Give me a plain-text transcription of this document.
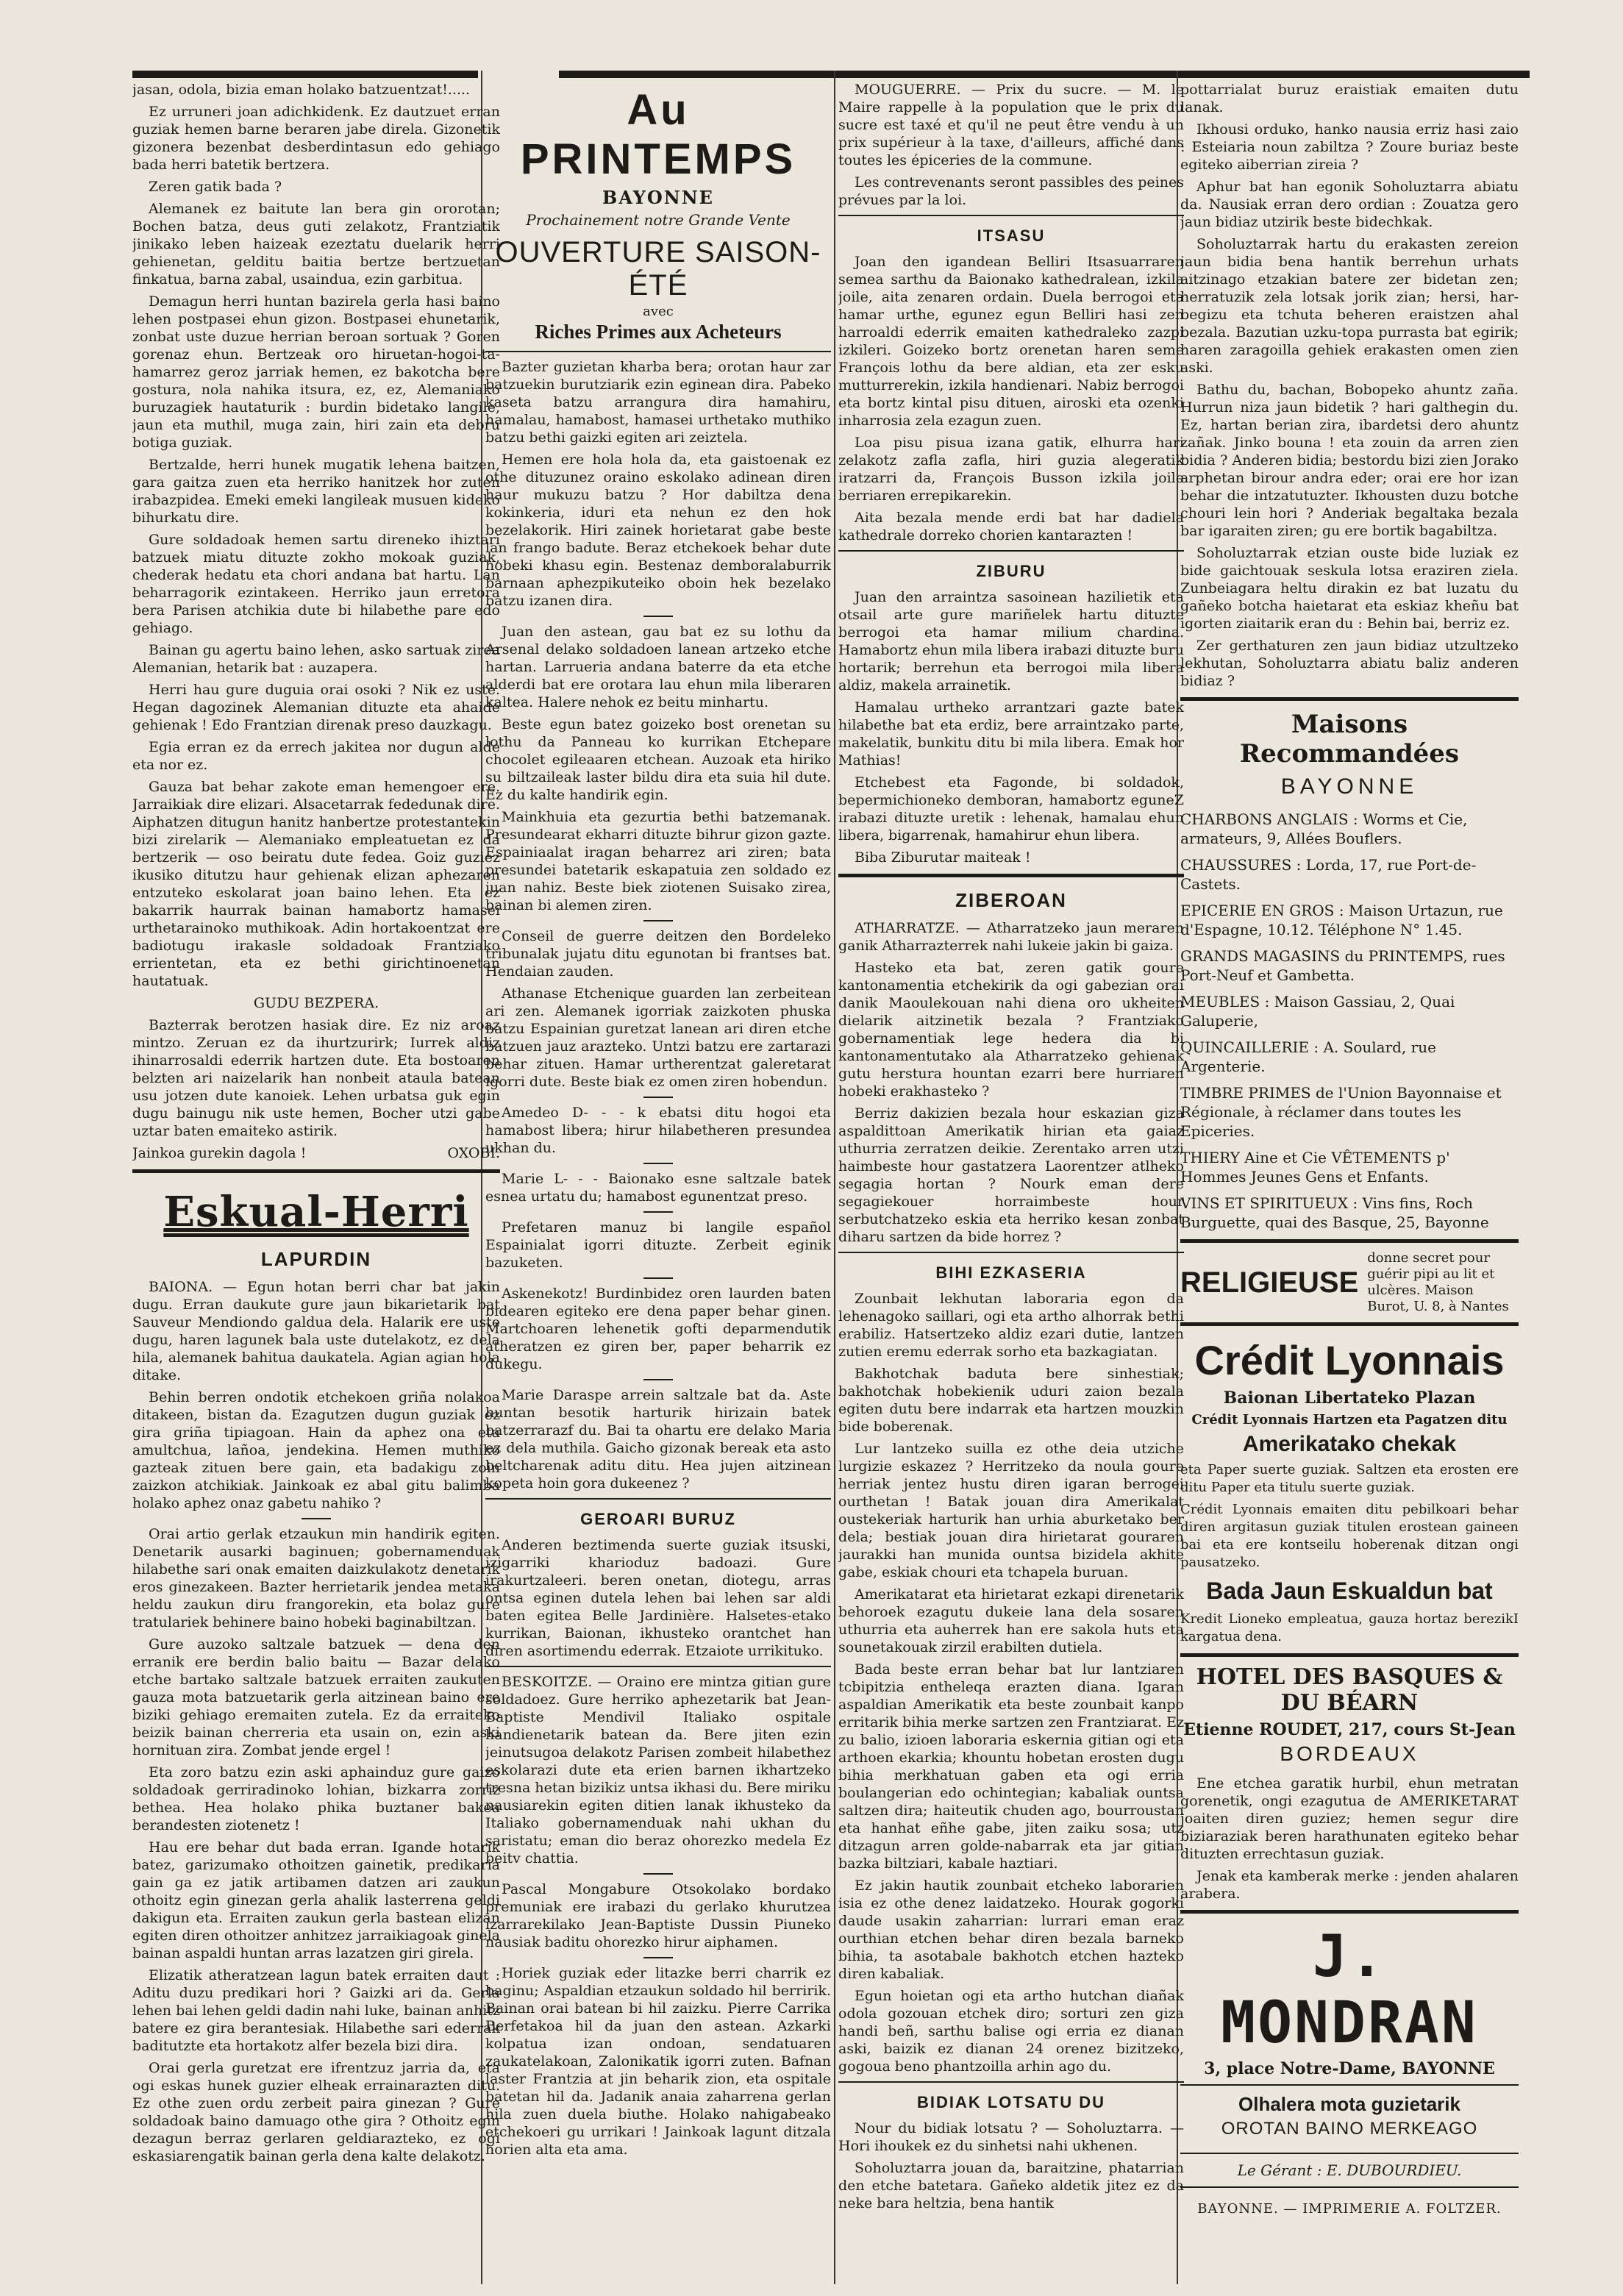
jasan, odola, bizia eman holako batzuentzat!.....

Ez urruneri joan adichkidenk. Ez dautzuet erran guziak hemen barne beraren jabe direla. Gizonetik gizonera bezenbat desberdintasun edo gehiago bada herri batetik bertzera.

Zeren gatik bada ?

Alemanek ez baitute lan bera gin ororotan; Bochen batza, deus guti zelakotz, Frantziatik jinikako leben haizeak ezeztatu duelarik herri gehienetan, gelditu baitia bertze bertzuetan finkatua, barna zabal, usaindua, ezin garbitua.

Demagun herri huntan bazirela gerla hasi baino lehen postpasei ehun gizon. Bostpasei ehunetarik, zonbat uste duzue herrian beroan sortuak ? Goren gorenaz ehun. Bertzeak oro hiruetan-hogoi-ta-hamarrez geroz jarriak hemen, ez bakotcha bere gostura, nola nahika itsura, ez, ez, Alemaniako buruzagiek hautaturik : burdin bidetako langile, jaun eta muthil, muga zain, hiri zain eta debru botiga guziak.

Bertzalde, herri hunek mugatik lehena baitzen, gara gaitza zuen eta herriko hanitzek hor zuten irabazpidea. Emeki emeki langileak musuen kideko bihurkatu dire.

Gure soldadoak hemen sartu direneko ihiztari batzuek miatu dituzte zokho mokoak guziak, chederak hedatu eta chori andana bat hartu. Lan beharragorik ezintakeen. Herriko jaun erretora bera Parisen atchikia dute bi hilabethe pare edo gehiago.

Bainan gu agertu baino lehen, asko sartuak zirea Alemanian, hetarik bat : auzapera.

Herri hau gure duguia orai osoki ? Nik ez uste. Hegan dagozinek Alemanian dituzte eta ahaide gehienak ! Edo Frantzian direnak preso dauzkagu.

Egia erran ez da errech jakitea nor dugun alde eta nor ez.

Gauza bat behar zakote eman hemengoer ere. Jarraikiak dire elizari. Alsacetarrak fededunak dire. Aiphatzen ditugun hanitz hanbertze protestantekin bizi zirelarik — Alemaniako empleatuetan ez da bertzerik — oso beiratu dute fedea. Goiz guziez ikusiko ditutzu haur gehienak elizan aphezaren entzuteko eskolarat joan baino lehen. Eta ez bakarrik haurrak bainan hamabortz hamasei urthetarainoko muthikoak. Adin hortakoentzat ere badiotugu irakasle soldadoak Frantziako errientetan, eta ez bethi girichtinoenetan hautatuak.

GUDU BEZPERA.

Bazterrak berotzen hasiak dire. Ez niz aroaz mintzo. Zeruan ez da ihurtzurirk; Iurrek aldiz ihinarrosaldi ederrik hartzen dute. Eta bostoaren belzten ari naizelarik han nonbeit ataula batean usu jotzen dute kanoiek. Lehen urbatsa guk egin dugu bainugu nik uste hemen, Bocher utzi gabe uztar baten emaiteko astirik.

Jainkoa gurekin dagola !	OXOBI.
Eskual-Herri
LAPURDIN

BAIONA. — Egun hotan berri char bat jakin dugu. Erran daukute gure jaun bikarietarik bat Sauveur Mendiondo galdua dela. Halarik ere uste dugu, haren lagunek bala uste dutelakotz, ez dela hila, alemanek bahitua daukatela. Agian agian hola ditake.

Behin berren ondotik etchekoen griña nolakoa ditakeen, bistan da. Ezagutzen dugun guziak ez gira griña tipiagoan. Hain da aphez ona eta amultchua, lañoa, jendekina. Hemen muthiko gazteak zituen bere gain, eta badakigu zoin zaizkon atchikiak. Jainkoak ez abal gitu balimba holako aphez onaz gabetu nahiko ?

Orai artio gerlak etzaukun min handirik egiten. Denetarik ausarki baginuen; gobernamenduak hilabethe sari onak emaiten daizkulakotz denetarik eros ginezakeen. Bazter herrietarik jendea metaka heldu zaukun diru frangorekin, eta bolaz gure tratulariek behinere baino hobeki baginabiltzan.

Gure auzoko saltzale batzuek — dena den erranik ere berdin balio baitu — Bazar delako etche bartako saltzale batzuek erraiten zaukuten gauza mota batzuetarik gerla aitzinean baino ere biziki gehiago eremaiten zutela. Ez da erraiteko beizik bainan cherreria eta usain on, ezin aski hornituan zira. Zombat jende ergel !

Eta zoro batzu ezin aski aphainduz gure gaizo soldadoak gerriradinoko lohian, bizkarra zorriz bethea. Hea holako phika buztaner bakea berandesten ziotenetz !

Hau ere behar dut bada erran. Igande hotarik batez, garizumako othoitzen gainetik, predikaria gain ga ez jatik artibamen datzen ari zaukun othoitz egin ginezan gerla ahalik lasterrena geldi dakigun eta. Erraiten zaukun gerla bastean elizan egiten diren othoitzer anhitzez jarraikiagoak ginela bainan aspaldi huntan arras lazatzen giri girela.

Elizatik atheratzean lagun batek erraiten daut : Aditu duzu predikari hori ? Gaizki ari da. Gerla lehen bai lehen geldi dadin nahi luke, bainan anhitz batere ez gira berantesiak. Hilabethe sari ederrak baditutzte eta hortakotz alfer bezela bizi dira.

Orai gerla guretzat ere ifrentzuz jarria da, eta ogi eskas hunek guzier elheak errainarazten ditu. Ez othe zuen ordu zerbeit paira ginezan ? Gure soldadoak baino damuago othe gira ? Othoitz egin dezagun berraz gerlaren geldiarazteko, ez ogi eskasiarengatik bainan gerla dena kalte delakotz.

Au PRINTEMPS
BAYONNE
Prochainement notre Grande Vente
OUVERTURE SAISON-ÉTÉ
avec
Riches Primes aux Acheteurs

Bazter guzietan kharba bera; orotan haur zar batzuekin burutziarik ezin eginean dira. Pabeko kaseta batzu arrangura dira hamahiru, hamalau, hamabost, hamasei urthetako muthiko batzu bethi gaizki egiten ari zeiztela.

Hemen ere hola hola da, eta gaistoenak ez othe dituzunez oraino eskolako adinean diren haur mukuzu batzu ? Hor dabiltza dena kokinkeria, iduri eta nehun ez den hok bezelakorik. Hiri zainek horietarat gabe beste lan frango badute. Beraz etchekoek behar dute hobeki khasu egin. Bestenaz demboralaburrik barnaan aphezpikuteiko oboin hek bezelako batzu izanen dira.

Juan den astean, gau bat ez su lothu da Arsenal delako soldadoen lanean artzeko etche hartan. Larrueria andana baterre da eta etche alderdi bat ere orotara lau ehun mila liberaren kaltea. Halere nehok ez beitu minhartu.

Beste egun batez goizeko bost orenetan su lothu da Panneau ko kurrikan Etchepare chocolet egileaaren etchean. Auzoak eta hiriko su biltzaileak laster bildu dira eta suia hil dute. Ez du kalte handirik egin.

Mainkhuia eta gezurtia bethi batzemanak. Presundearat ekharri dituzte bihrur gizon gazte. Espainiaalat iragan beharrez ari ziren; bata presundei batetarik eskapatuia zen soldado ez juan nahiz. Beste biek ziotenen Suisako zirea, bainan bi alemen ziren.

Conseil de guerre deitzen den Bordeleko tribunalak jujatu ditu egunotan bi frantses bat. Hendaian zauden.

Athanase Etchenique guarden lan zerbeitean ari zen. Alemanek igorriak zaizkoten phuska batzu Espainian guretzat lanean ari diren etche batzuen jauz arazteko. Untzi batzu ere zartarazi behar zituen. Hamar urtherentzat galeretarat igorri dute. Beste biak ez omen ziren hobendun.

Amedeo D- - - k ebatsi ditu hogoi eta hamabost libera; hirur hilabetheren presundea ukhan du.

Marie L- - - Baionako esne saltzale batek esnea urtatu du; hamabost egunentzat preso.

Prefetaren manuz bi langile español Espainialat igorri dituzte. Zerbeit eginik bazuketen.

Askenekotz! Burdinbidez oren laurden baten bidearen egiteko ere dena paper behar ginen. Martchoaren lehenetik gofti deparmendutik atheratzen ez giren ber, paper beharrik ez dukegu.

Marie Daraspe arrein saltzale bat da. Aste huntan besotik harturik hirizain batek batzerrarazf du. Bai ta ohartu ere delako Maria ez dela muthila. Gaicho gizonak bereak eta asto beltcharenak aditu ditu. Hea jujen aitzinean kopeta hoin gora dukeenez ?

GEROARI BURUZ

Anderen beztimenda suerte guziak itsuski, izigarriki kharioduz badoazi. Gure irakurtzaleeri. beren onetan, diotegu, arras ontsa eginen dutela lehen bai lehen sar aldi baten egitea Belle Jardinière. Halsetes-etako kurrikan, Baionan, ikhusteko orantchet han diren asortimendu ederrak. Etzaiote urrikituko.

BESKOITZE. — Oraino ere mintza gitian gure soldadoez. Gure herriko aphezetarik bat Jean-Baptiste Mendivil Italiako ospitale handienetarik batean da. Bere jiten ezin jeinutsugoa delakotz Parisen zombeit hilabethez eskolarazi dute eta erien barnen ikhartzeko tresna hetan bizikiz untsa ikhasi du. Bere miriku nausiarekin egiten ditien lanak ikhusteko da Italiako gobernamenduak nahi ukhan du saristatu; eman dio beraz ohorezko medela Ez beitv chattia.

Pascal Mongabure Otsokolako bordako premuniak ere irabazi du gerlako khurutzea izarrarekilako Jean-Baptiste Dussin Piuneko nausiak baditu ohorezko hirur aiphamen.

Horiek guziak eder litazke berri charrik ez baginu; Aspaldian etzaukun soldado hil berririk. Bainan orai batean bi hil zaizku. Pierre Carrika Berfetakoa hil da juan den astean. Azkarki kolpatua izan ondoan, sendatuaren zaukatelakoan, Zalonikatik igorri zuten. Bafnan laster Frantzia at jin beharik zion, eta ospitale batetan hil da. Jadanik anaia zaharrena gerlan hila zuen duela biuthe. Holako nahigabeako etchekoeri gu urrikari ! Jainkoak lagunt ditzala horien alta eta ama.

MOUGUERRE. — Prix du sucre. — M. le Maire rappelle à la population que le prix du sucre est taxé et qu'il ne peut être vendu à un prix supérieur à la taxe, d'ailleurs, affiché dans toutes les épiceries de la commune.

Les contrevenants seront passibles des peines prévues par la loi.

ITSASU

Joan den igandean Belliri Itsasuarraren semea sarthu da Baionako kathedralean, izkila joile, aita zenaren ordain. Duela berrogoi eta hamar urthe, egunez egun Belliri hasi zen harroaldi ederrik emaiten kathedraleko zazpi izkileri. Goizeko bortz orenetan haren seme François lothu da bere aldian, eta zer esku mutturrerekin, izkila handienari. Nabiz berrogoi eta bortz kintal pisu dituen, airoski eta ozenki inharrosia zela ezagun zuen.

Loa pisu pisua izana gatik, elhurra hari zelakotz zafla zafla, hiri guzia alegeratik iratzarri da, François Busson izkila joile berriaren errepikarekin.

Aita bezala mende erdi bat har dadiela kathedrale dorreko chorien kantarazten !

ZIBURU

Juan den arraintza sasoinean hazilietik eta otsail arte gure mariñelek hartu dituzte berrogoi eta hamar milium chardina. Hamabortz ehun mila libera irabazi dituzte buru hortarik; berrehun eta berrogoi mila libera aldiz, makela arrainetik.

Hamalau urtheko arrantzari gazte batek hilabethe bat eta erdiz, bere arraintzako parte, makelatik, bunkitu ditu bi mila libera. Emak hor Mathias!

Etchebest eta Fagonde, bi soldadok, bepermichioneko demboran, hamabortz eguneZ irabazi dituzte uretik : lehenak, hamalau ehun libera, bigarrenak, hamahirur ehun libera.

Biba Ziburutar maiteak !

ZIBEROAN

ATHARRATZE. — Atharratzeko jaun meraren ganik Atharrazterrek nahi lukeie jakin bi gaiza.

Hasteko eta bat, zeren gatik goure kantonamentia etchekirik da ogi gabezian orai danik Maoulekouan nahi diena oro ukheiten dielarik aitzinetik bezala ? Frantziako gobernamentiak lege hedera dia bi kantonamentutako ala Atharratzeko gehienak gutu herstura hountan ezarri bere hurriaren hobeki erakhasteko ?

Berriz dakizien bezala hour eskazian giza aspaldittoan Amerikatik hirian eta gaiaz uthurria zerratzen deikie. Zerentako arren utzi haimbeste hour gastatzera Laorentzer atlheko segagia hortan ? Nourk eman dere segagiekouer horraimbeste hour serbutchatzeko eskia eta herriko kesan zonbat diharu sartzen da bide horrez ?

BIHI EZKASERIA

Zounbait lekhutan laboraria egon da lehenagoko saillari, ogi eta artho alhorrak bethi erabiliz. Hatsertzeko aldiz ezari dutie, lantzen zutien eremu ederrak sorho eta bazkagiatan.

Bakhotchak baduta bere sinhestiak; bakhotchak hobekienik uduri zaion bezala egiten dutu bere indarrak eta hartzen mouzkin bide boberenak.

Lur lantzeko suilla ez othe deia utziche lurgizie eskazez ? Herritzeko da noula goure herriak jentez hustu diren igaran berrogei ourthetan ! Batak jouan dira Amerikalat oustekeriak harturik han urhia aburketako ber dela; bestiak jouan dira hirietarat gouraren jaurakki han munida ountsa bizidela akhite gabe, eskiak chouri eta tchapela buruan.

Amerikatarat eta hirietarat ezkapi direnetarik behoroek ezagutu dukeie lana dela sosaren uthurria eta auherrek han ere sakola huts eta sounetakouak zirzil erabilten dutiela.

Bada beste erran behar bat lur lantziaren tcbipitzia entheleqa erazten diana. Igaran aspaldian Amerikatik eta beste zounbait kanpo erritarik bihia merke sartzen zen Frantziarat. Ez zu balio, izioen laboraria eskernia gitian ogi eta arthoen ekarkia; khountu hobetan erosten dugu bihia merkhatuan gaben eta ogi erria boulangerian edo ochintegian; kabaliak ountsa saltzen dira; haiteutik chuden ago, bourroustan eta hanhat eñhe gabe, jiten zaiku sosa; utz ditzagun arren golde-nabarrak eta jar gitian bazka biltziari, kabale haztiari.

Ez jakin hautik zounbait etcheko laborarien isia ez othe denez laidatzeko. Hourak gogorki daude usakin zaharrian: lurrari eman eraz ourthian etchen behar diren bezala barneko bihia, ta asotabale bakhotch etchen hazteko diren kabaliak.

Egun hoietan ogi eta artho hutchan diañak odola gozouan etchek diro; sorturi zen giza handi beñ, sarthu balise ogi erria ez dianan aski, baizik ez dianan 24 orenez bizitzeko, gogoua beno phantzoilla arhin ago du.

BIDIAK LOTSATU DU

Nour du bidiak lotsatu ? — Soholuztarra. — Hori ihoukek ez du sinhetsi nahi ukhenen.

Soholuztarra jouan da, baraitzine, phatarrian den etche batetara. Gañeko aldetik jitez ez da neke bara heltzia, bena hantik

pottarrialat buruz eraistiak emaiten dutu lanak.

Ikhousi orduko, hanko nausia erriz hasi zaio : Esteiaria noun zabiltza ? Zoure buriaz beste egiteko aiberrian zireia ?

Aphur bat han egonik Soholuztarra abiatu da. Nausiak erran dero ordian : Zouatza gero jaun bidiaz utzirik beste bidechkak.

Soholuztarrak hartu du erakasten zereion jaun bidia bena hantik berrehun urhats aitzinago etzakian batere zer bidetan zen; herratuzik zela lotsak jorik zian; hersi, har-begizu eta tchuta beheren eraistzen ahal bezala. Bazutian uzku-topa purrasta bat egirik; haren zaragoilla gehiek erakasten omen zien aski.

Bathu du, bachan, Bobopeko ahuntz zaña. Hurrun niza jaun bidetik ? hari galthegin du. Ez, hartan berian zira, ibardetsi dero ahuntz zañak. Jinko bouna ! eta zouin da arren zien bidia ? Anderen bidia; bestordu bizi zien Jorako arphetan birour andra eder; orai ere hor izan behar die intzatutuzter. Ikhousten duzu botche chouri lein hori ? Anderiak begaltaka bezala bar igaraiten ziren; gu ere bortik bagabiltza.

Soholuztarrak etzian ouste bide luziak ez bide gaichtouak seskula lotsa eraziren ziela. Zunbeiagara heltu dirakin ez bat luzatu du gañeko botcha haietarat eta eskiaz kheñu bat igorten ziaitarik eran du : Behin bai, berriz ez.

Zer gerthaturen zen jaun bidiaz utzultzeko lekhutan, Soholuztarra abiatu baliz anderen bidiaz ?

Maisons Recommandées
BAYONNE
CHARBONS ANGLAIS : Worms et Cie, armateurs, 9, Allées Bouflers.
CHAUSSURES : Lorda, 17, rue Port-de-Castets.
EPICERIE EN GROS : Maison Urtazun, rue d'Espagne, 10.12. Téléphone N° 1.45.
GRANDS MAGASINS du PRINTEMPS, rues Port-Neuf et Gambetta.
MEUBLES : Maison Gassiau, 2, Quai Galuperie,
QUINCAILLERIE : A. Soulard, rue Argenterie.
TIMBRE PRIMES de l'Union Bayonnaise et Régionale, à réclamer dans toutes les Epiceries.
THIERY Aine et Cie VÊTEMENTS p' Hommes Jeunes Gens et Enfants.
VINS ET SPIRITUEUX : Vins fins, Roch Burguette, quai des Basque, 25, Bayonne
RELIGIEUSE
donne secret pour guérir pipi au lit et ulcères. Maison Burot, U. 8, à Nantes
Crédit Lyonnais
Baionan Libertateko Plazan
Crédit Lyonnais Hartzen eta Pagatzen ditu
Amerikatako chekak

eta Paper suerte guziak. Saltzen eta erosten ere ditu Paper eta titulu suerte guziak.

Crédit Lyonnais emaiten ditu pebilkoari behar diren argitasun guziak titulen erostean gaineen bai eta ere kontseilu hoberenak ditzan ongi pausatzeko.

Bada Jaun Eskualdun bat

Kredit Lioneko empleatua, gauza hortaz berezikI kargatua dena.

HOTEL DES BASQUES & DU BÉARN
Etienne ROUDET, 217, cours St-Jean
BORDEAUX

Ene etchea garatik hurbil, ehun metratan gorenetik, ongi ezagutua de AMERIKETARAT joaiten diren guziez; hemen segur dire biziaraziak beren harathunaten egiteko behar dituzten errechtasun guziak.

Jenak eta kamberak merke : jenden ahalaren arabera.

J. MONDRAN
3, place Notre-Dame, BAYONNE
Olhalera mota guzietarik
OROTAN BAINO MERKEAGO
Le Gérant : E. DUBOURDIEU.
BAYONNE. — IMPRIMERIE A. FOLTZER.
